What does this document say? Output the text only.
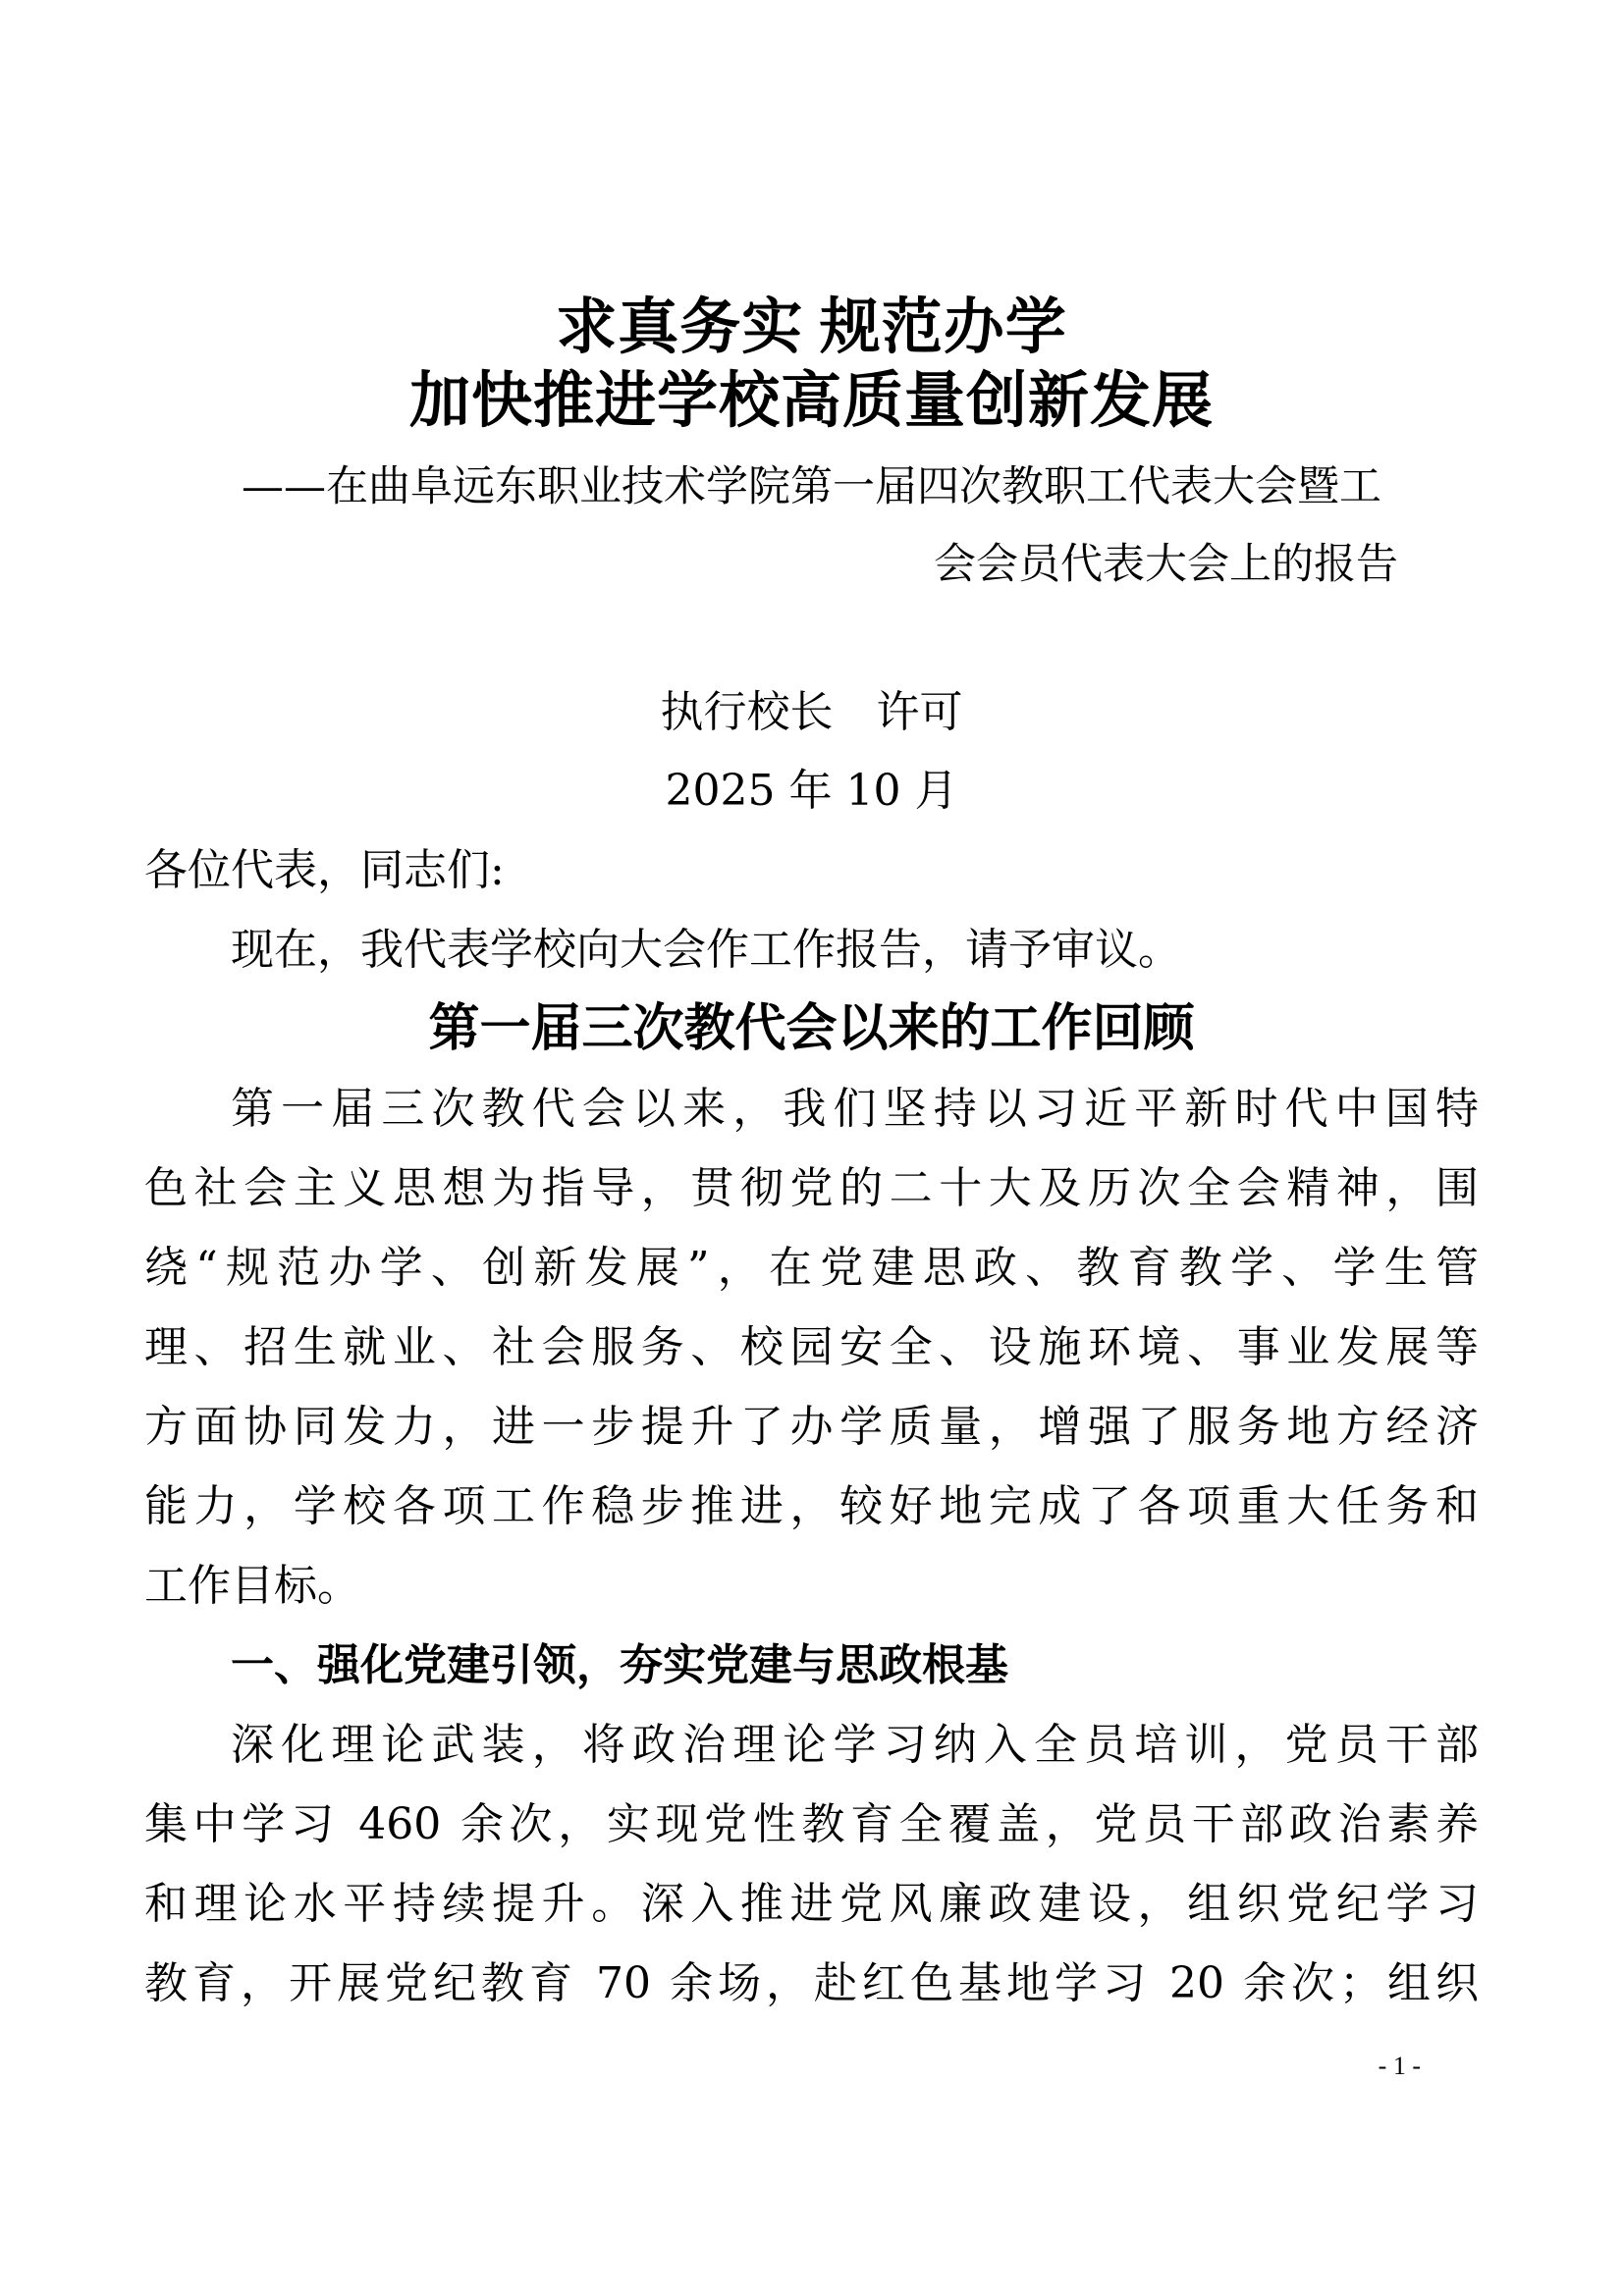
求真务实 规范办学
加快推进学校高质量创新发展
——在曲阜远东职业技术学院第一届四次教职工代表大会暨工
会会员代表大会上的报告
执行校长　许可
2025 年 10 月
各位代表，同志们:
现在，我代表学校向大会作工作报告，请予审议。
第一届三次教代会以来的工作回顾
第一届三次教代会以来，我们坚持以习近平新时代中国特
色社会主义思想为指导，贯彻党的二十大及历次全会精神，围
绕“规范办学、创新发展”，在党建思政、教育教学、学生管
理、招生就业、社会服务、校园安全、设施环境、事业发展等
方面协同发力，进一步提升了办学质量，增强了服务地方经济
能力，学校各项工作稳步推进，较好地完成了各项重大任务和
工作目标。
一、强化党建引领，夯实党建与思政根基
深化理论武装，将政治理论学习纳入全员培训，党员干部
集中学习 460 余次，实现党性教育全覆盖，党员干部政治素养
和理论水平持续提升。深入推进党风廉政建设，组织党纪学习
教育，开展党纪教育 70 余场，赴红色基地学习 20 余次；组织
- 1 -
